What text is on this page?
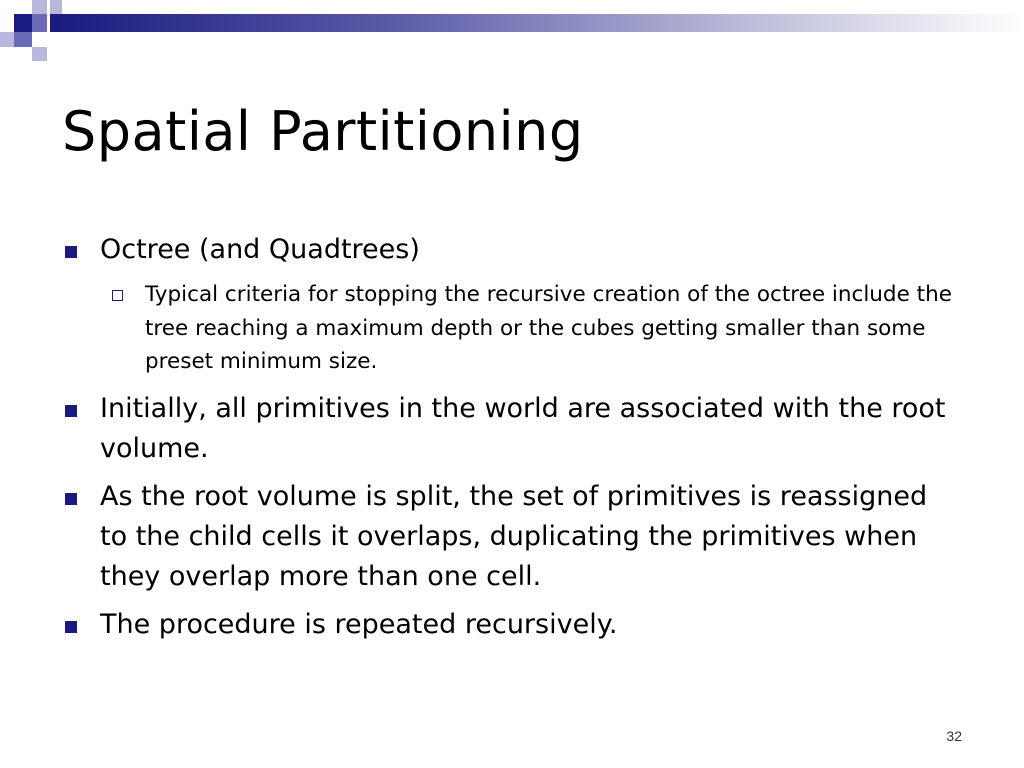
Spatial Partitioning
Octree (and Quadtrees)
Typical criteria for stopping the recursive creation of the octree include the tree reaching a maximum depth or the cubes getting smaller than some preset minimum size.
Initially, all primitives in the world are associated with the root volume.
As the root volume is split, the set of primitives is reassigned to the child cells it overlaps, duplicating the primitives when they overlap more than one cell.
The procedure is repeated recursively.
32
